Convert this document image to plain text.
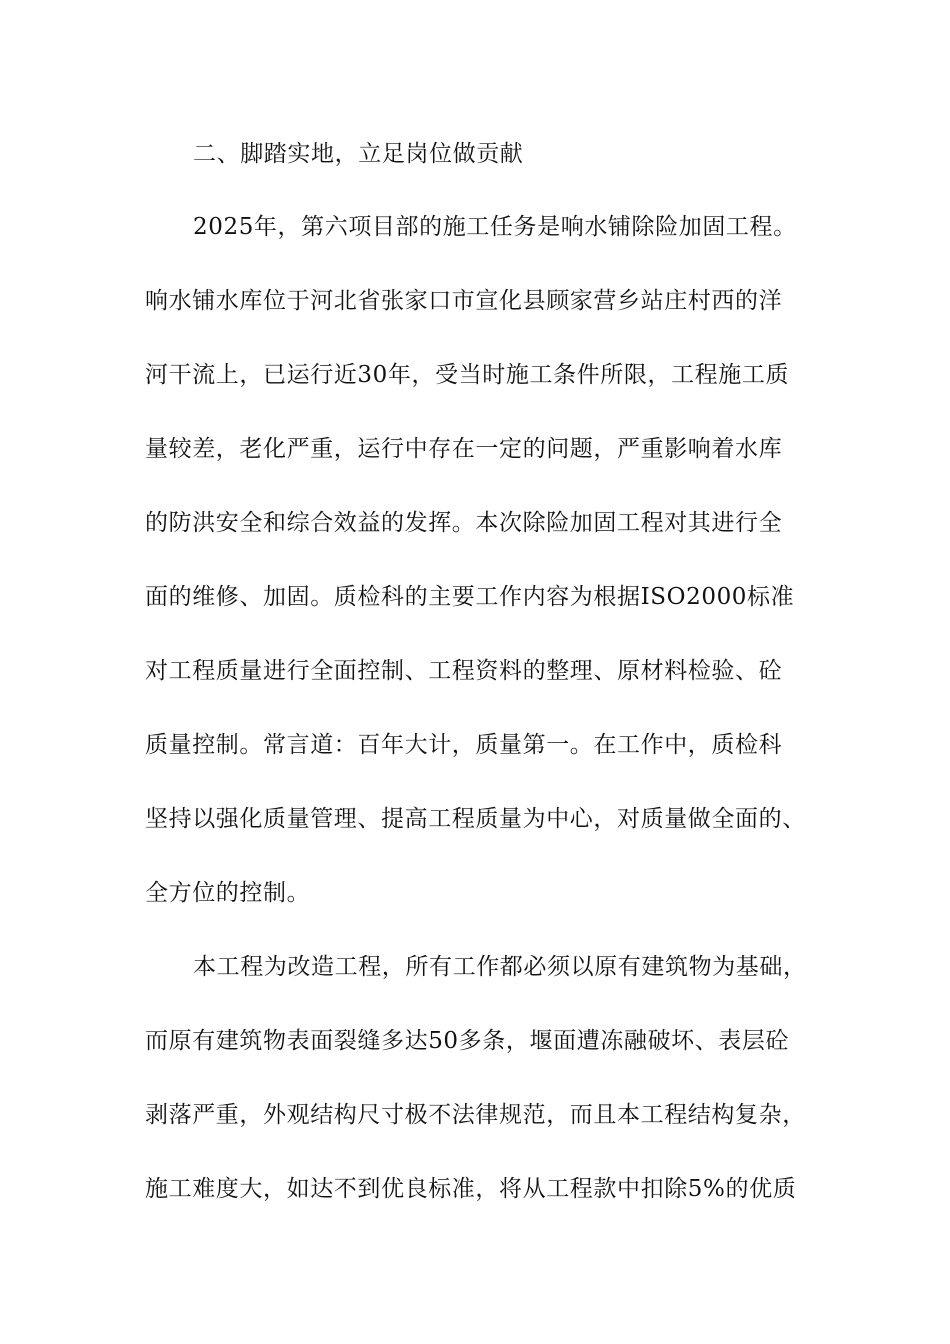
二、脚踏实地，立足岗位做贡献
2025年，第六项目部的施工任务是响水铺除险加固工程。
响水铺水库位于河北省张家口市宣化县顾家营乡站庄村西的洋
河干流上，已运行近30年，受当时施工条件所限，工程施工质
量较差，老化严重，运行中存在一定的问题，严重影响着水库
的防洪安全和综合效益的发挥。本次除险加固工程对其进行全
面的维修、加固。质检科的主要工作内容为根据ISO2000标准
对工程质量进行全面控制、工程资料的整理、原材料检验、砼
质量控制。常言道：百年大计，质量第一。在工作中，质检科
坚持以强化质量管理、提高工程质量为中心，对质量做全面的、
全方位的控制。
本工程为改造工程，所有工作都必须以原有建筑物为基础，
而原有建筑物表面裂缝多达50多条，堰面遭冻融破坏、表层砼
剥落严重，外观结构尺寸极不法律规范，而且本工程结构复杂，
施工难度大，如达不到优良标准，将从工程款中扣除5%的优质
